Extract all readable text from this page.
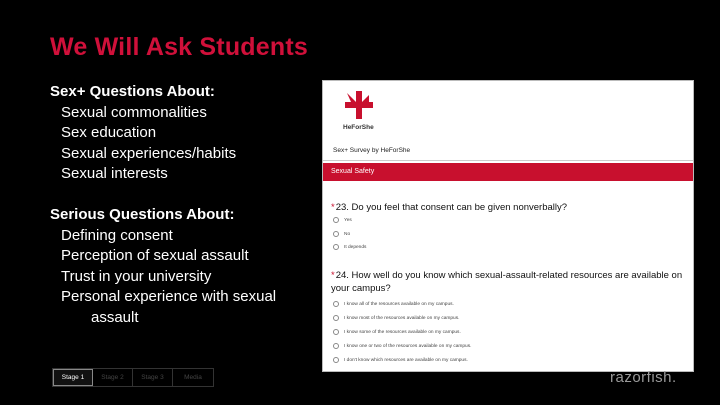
We Will Ask Students
Sex+ Questions About:
Sexual commonalities
Sex education
Sexual experiences/habits
Sexual interests
Serious Questions About:
Defining consent
Perception of sexual assault
Trust in your university
Personal experience with sexual
assault
HeForShe
Sex+ Survey by HeForShe
Sexual Safety
*23. Do you feel that consent can be given nonverbally?
Yes
No
It depends
*24. How well do you know which sexual-assault-related resources are available on your campus?
I know all of the resources available on my campus.
I know most of the resources available on my campus.
I know some of the resources available on my campus.
I know one or two of the resources available on my campus.
I don't know which resources are available on my campus.
Stage 1	Stage 2	Stage 3	Media	razorfish.
